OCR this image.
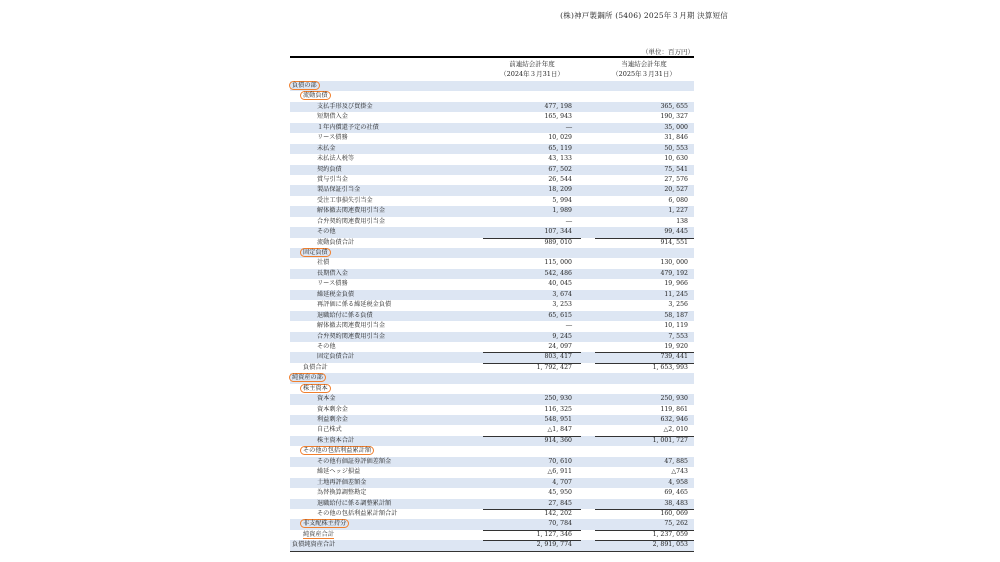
(株)神戸製鋼所 (5406) 2025年３月期 決算短信
（単位：百万円）
前連結会計年度
（2024年３月31日）
当連結会計年度
（2025年３月31日）
負債の部
流動負債
支払手形及び買掛金	477, 198	365, 655
短期借入金	165, 943	190, 327
１年内償還予定の社債	―	35, 000
リース債務	10, 029	31, 846
未払金	65, 119	50, 553
未払法人税等	43, 133	10, 630
契約負債	67, 502	75, 541
賞与引当金	26, 544	27, 576
製品保証引当金	18, 209	20, 527
受注工事損失引当金	5, 994	6, 080
解体撤去関連費用引当金	1, 989	1, 227
合弁契約関連費用引当金	―	138
その他	107, 344	99, 445
流動負債合計	989, 010	914, 551
固定負債
社債	115, 000	130, 000
長期借入金	542, 486	479, 192
リース債務	40, 045	19, 966
繰延税金負債	3, 674	11, 245
再評価に係る繰延税金負債	3, 253	3, 256
退職給付に係る負債	65, 615	58, 187
解体撤去関連費用引当金	―	10, 119
合弁契約関連費用引当金	9, 245	7, 553
その他	24, 097	19, 920
固定負債合計	803, 417	739, 441
負債合計	1, 792, 427	1, 653, 993
純資産の部
株主資本
資本金	250, 930	250, 930
資本剰余金	116, 325	119, 861
利益剰余金	548, 951	632, 946
自己株式	△1, 847	△2, 010
株主資本合計	914, 360	1, 001, 727
その他の包括利益累計額
その他有価証券評価差額金	70, 610	47, 885
繰延ヘッジ損益	△6, 911	△743
土地再評価差額金	4, 707	4, 958
為替換算調整勘定	45, 950	69, 465
退職給付に係る調整累計額	27, 845	38, 483
その他の包括利益累計額合計	142, 202	160, 069
非支配株主持分	70, 784	75, 262
純資産合計	1, 127, 346	1, 237, 059
負債純資産合計	2, 919, 774	2, 891, 053
